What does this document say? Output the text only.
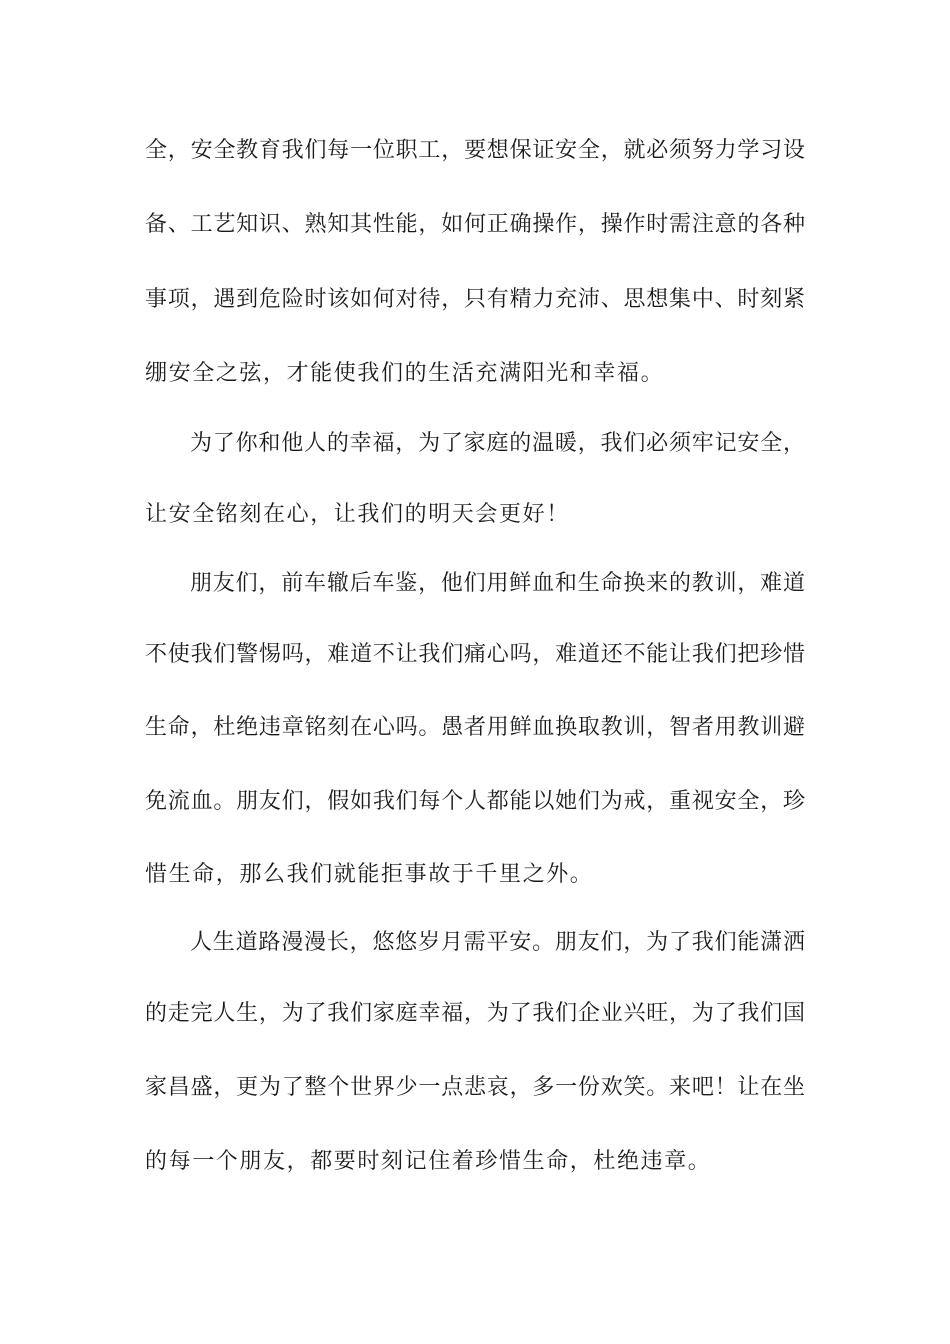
全，安全教育我们每一位职工，要想保证安全，就必须努力学习设
备、工艺知识、熟知其性能，如何正确操作，操作时需注意的各种
事项，遇到危险时该如何对待，只有精力充沛、思想集中、时刻紧
绷安全之弦，才能使我们的生活充满阳光和幸福。
为了你和他人的幸福，为了家庭的温暖，我们必须牢记安全，
让安全铭刻在心，让我们的明天会更好！
朋友们，前车辙后车鉴，他们用鲜血和生命换来的教训，难道
不使我们警惕吗，难道不让我们痛心吗，难道还不能让我们把珍惜
生命，杜绝违章铭刻在心吗。愚者用鲜血换取教训，智者用教训避
免流血。朋友们，假如我们每个人都能以她们为戒，重视安全，珍
惜生命，那么我们就能拒事故于千里之外。
人生道路漫漫长，悠悠岁月需平安。朋友们，为了我们能潇洒
的走完人生，为了我们家庭幸福，为了我们企业兴旺，为了我们国
家昌盛，更为了整个世界少一点悲哀，多一份欢笑。来吧！让在坐
的每一个朋友，都要时刻记住着珍惜生命，杜绝违章。
